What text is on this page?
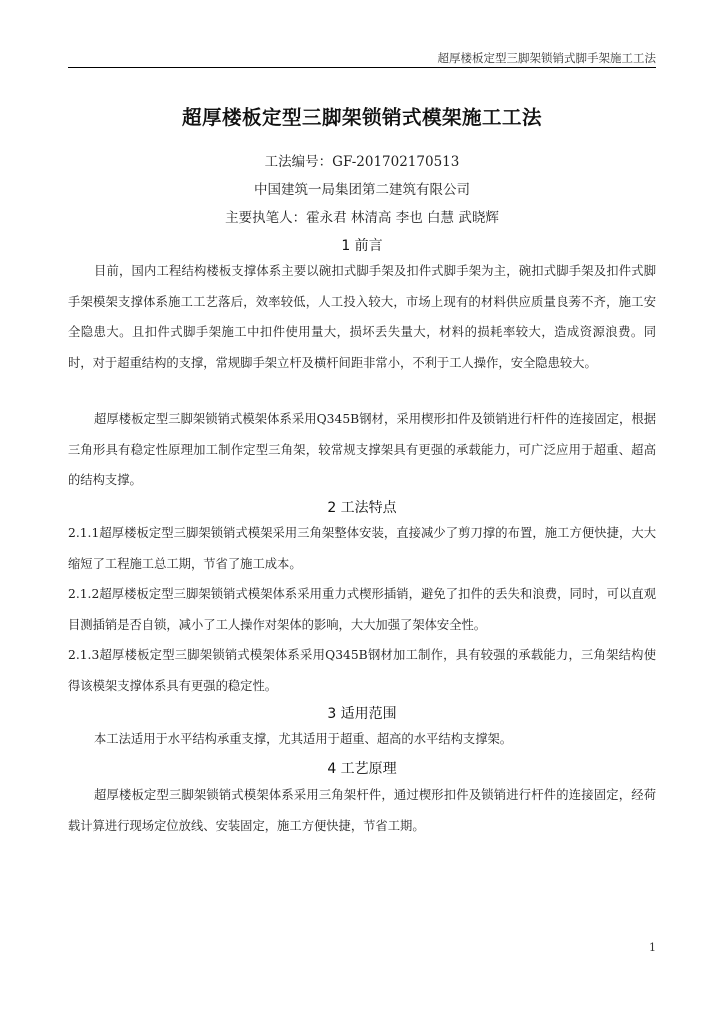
超厚楼板定型三脚架锁销式脚手架施工工法
超厚楼板定型三脚架锁销式模架施工工法
工法编号：GF-201702170513
中国建筑一局集团第二建筑有限公司
主要执笔人：霍永君 林清高 李也 白慧 武晓辉
1 前言

目前，国内工程结构楼板支撑体系主要以碗扣式脚手架及扣件式脚手架为主，碗扣式脚手架及扣件式脚手架模架支撑体系施工工艺落后，效率较低，人工投入较大，市场上现有的材料供应质量良莠不齐，施工安全隐患大。且扣件式脚手架施工中扣件使用量大，损坏丢失量大，材料的损耗率较大，造成资源浪费。同时，对于超重结构的支撑，常规脚手架立杆及横杆间距非常小，不利于工人操作，安全隐患较大。

超厚楼板定型三脚架锁销式模架体系采用Q345B钢材，采用楔形扣件及锁销进行杆件的连接固定，根据三角形具有稳定性原理加工制作定型三角架，较常规支撑架具有更强的承载能力，可广泛应用于超重、超高的结构支撑。

2 工法特点

2.1.1超厚楼板定型三脚架锁销式模架采用三角架整体安装，直接减少了剪刀撑的布置，施工方便快捷，大大缩短了工程施工总工期，节省了施工成本。

2.1.2超厚楼板定型三脚架锁销式模架体系采用重力式楔形插销，避免了扣件的丢失和浪费，同时，可以直观目测插销是否自锁，减小了工人操作对架体的影响，大大加强了架体安全性。

2.1.3超厚楼板定型三脚架锁销式模架体系采用Q345B钢材加工制作，具有较强的承载能力，三角架结构使得该模架支撑体系具有更强的稳定性。

3 适用范围

本工法适用于水平结构承重支撑，尤其适用于超重、超高的水平结构支撑架。

4 工艺原理

超厚楼板定型三脚架锁销式模架体系采用三角架杆件，通过楔形扣件及锁销进行杆件的连接固定，经荷载计算进行现场定位放线、安装固定，施工方便快捷，节省工期。

1
